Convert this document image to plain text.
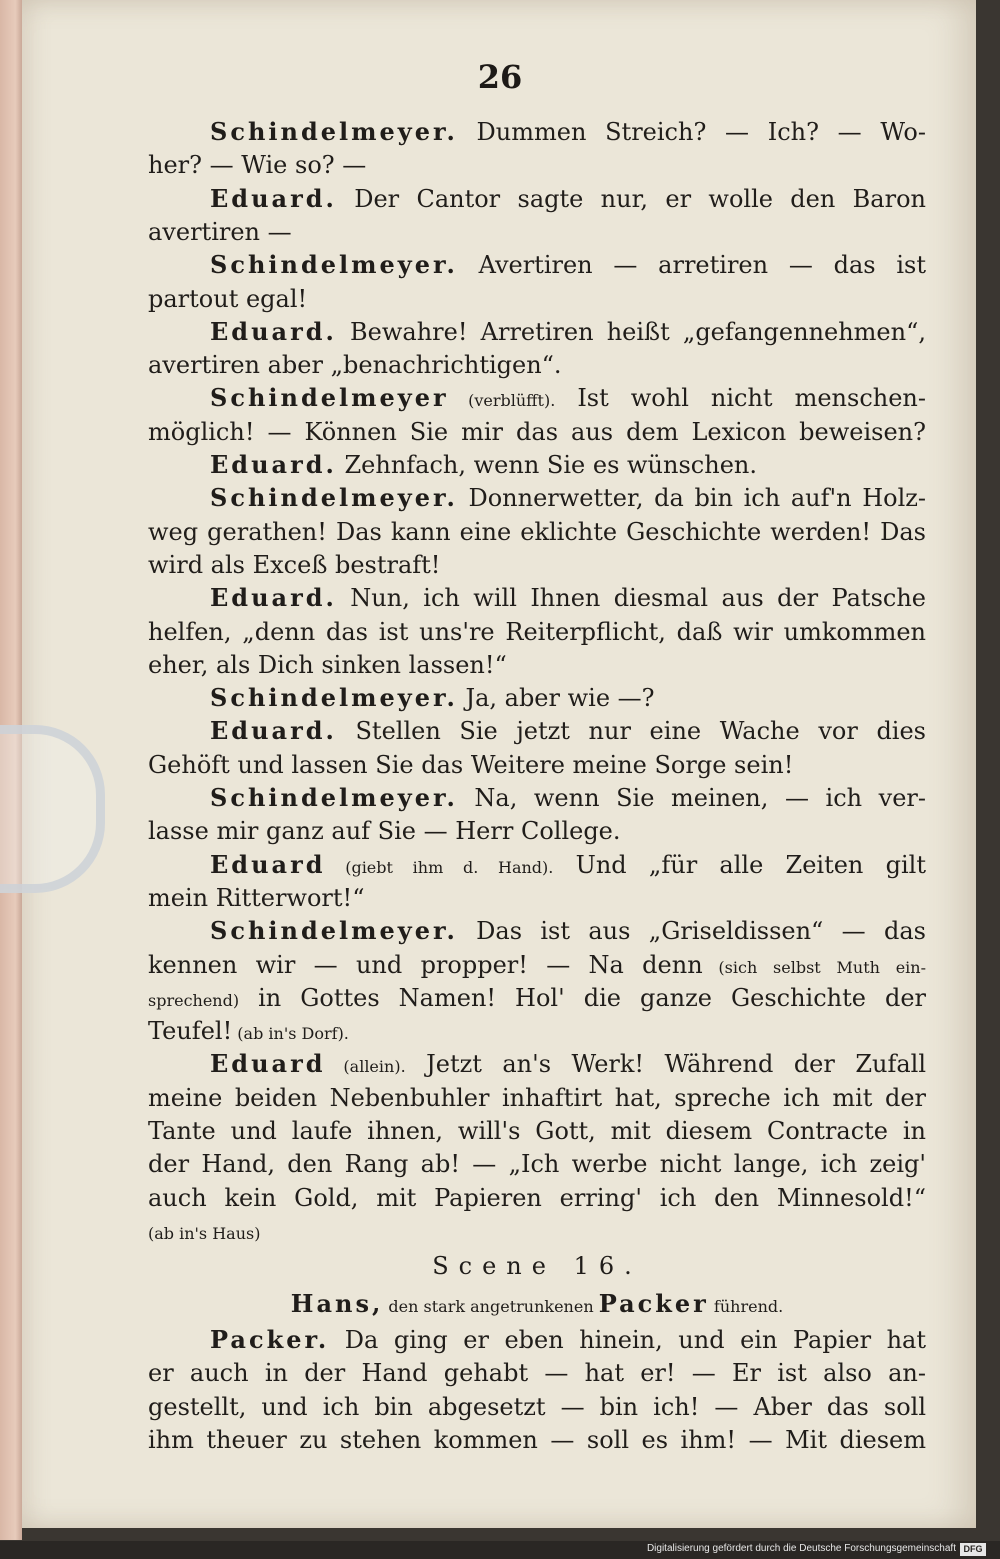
26
Schindelmeyer. Dummen Streich? — Ich? — Wo-
her? — Wie so? —
Eduard. Der Cantor sagte nur, er wolle den Baron
avertiren —
Schindelmeyer. Avertiren — arretiren — das ist
partout egal!
Eduard. Bewahre! Arretiren heißt „gefangennehmen“,
avertiren aber „benachrichtigen“.
Schindelmeyer (verblüfft). Ist wohl nicht menschen-
möglich! — Können Sie mir das aus dem Lexicon beweisen?
Eduard. Zehnfach, wenn Sie es wünschen.
Schindelmeyer. Donnerwetter, da bin ich auf'n Holz-
weg gerathen! Das kann eine eklichte Geschichte werden! Das
wird als Exceß bestraft!
Eduard. Nun, ich will Ihnen diesmal aus der Patsche
helfen, „denn das ist uns're Reiterpflicht, daß wir umkommen
eher, als Dich sinken lassen!“
Schindelmeyer. Ja, aber wie —?
Eduard. Stellen Sie jetzt nur eine Wache vor dies
Gehöft und lassen Sie das Weitere meine Sorge sein!
Schindelmeyer. Na, wenn Sie meinen, — ich ver-
lasse mir ganz auf Sie — Herr College.
Eduard (giebt ihm d. Hand). Und „für alle Zeiten gilt
mein Ritterwort!“
Schindelmeyer. Das ist aus „Griseldissen“ — das
kennen wir — und propper! — Na denn (sich selbst Muth ein-
sprechend) in Gottes Namen! Hol' die ganze Geschichte der
Teufel! (ab in's Dorf).
Eduard (allein). Jetzt an's Werk! Während der Zufall
meine beiden Nebenbuhler inhaftirt hat, spreche ich mit der
Tante und laufe ihnen, will's Gott, mit diesem Contracte in
der Hand, den Rang ab! — „Ich werbe nicht lange, ich zeig'
auch kein Gold, mit Papieren erring' ich den Minnesold!“
(ab in's Haus)
Scene 16.
Hans, den stark angetrunkenen Packer führend.
Packer. Da ging er eben hinein, und ein Papier hat
er auch in der Hand gehabt — hat er! — Er ist also an-
gestellt, und ich bin abgesetzt — bin ich! — Aber das soll
ihm theuer zu stehen kommen — soll es ihm! — Mit diesem
Digitalisierung gefördert durch die Deutsche Forschungsgemeinschaft DFG
